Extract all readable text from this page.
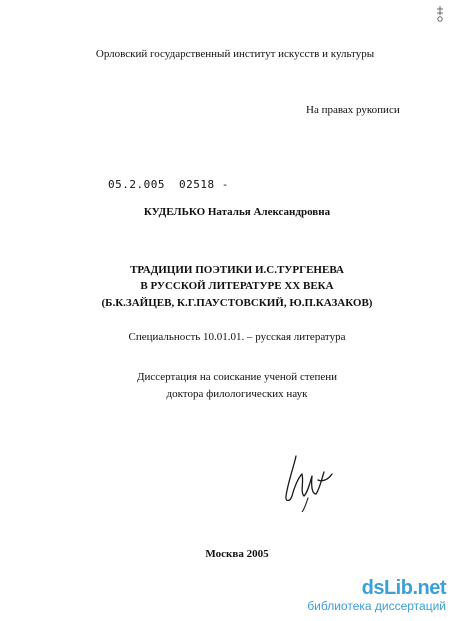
Орловский государственный институт искусств и культуры
На правах рукописи
05.2.005 02518 -
КУДЕЛЬКО Наталья Александровна
ТРАДИЦИИ ПОЭТИКИ И.С.ТУРГЕНЕВА
В РУССКОЙ ЛИТЕРАТУРЕ XX ВЕКА
(Б.К.ЗАЙЦЕВ, К.Г.ПАУСТОВСКИЙ, Ю.П.КАЗАКОВ)
Специальность 10.01.01. – русская литература
Диссертация на соискание ученой степени
доктора филологических наук
Москва 2005
dsLib.net
библиотека диссертаций
